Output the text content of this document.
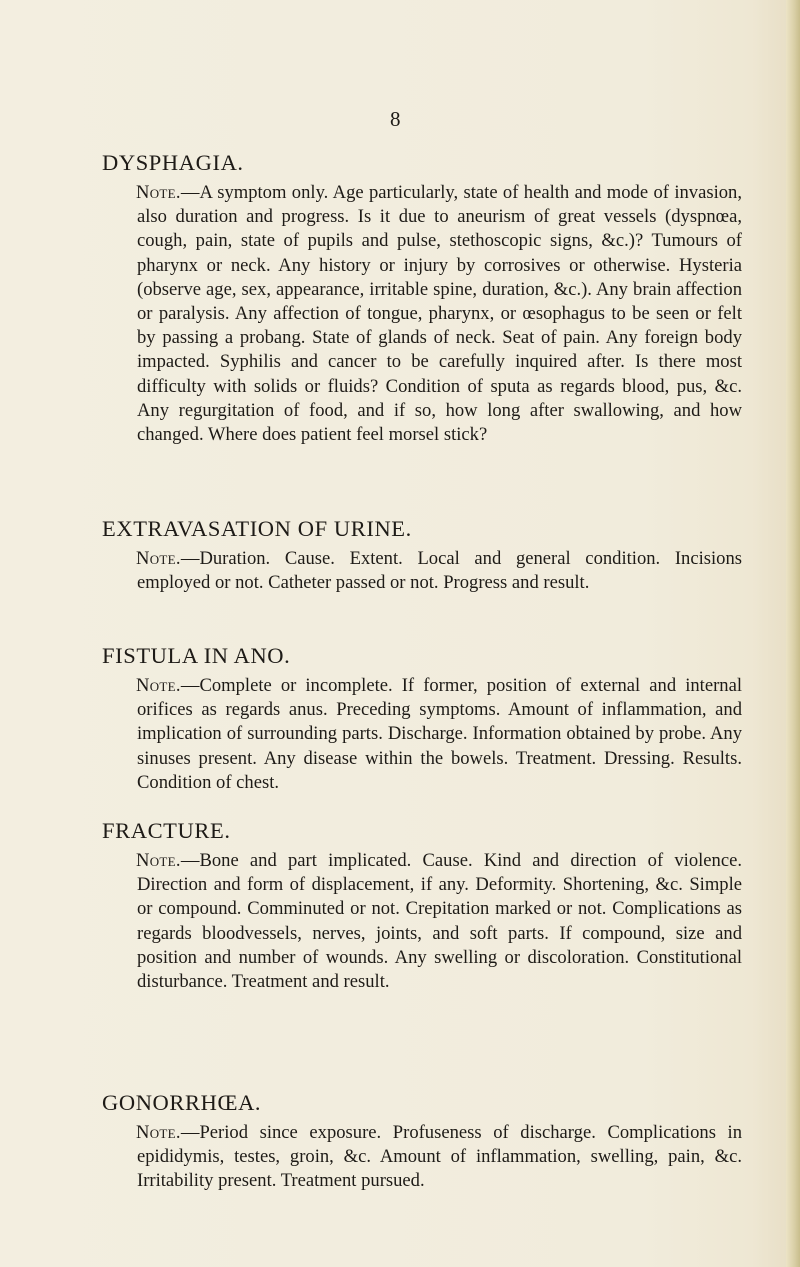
8
DYSPHAGIA.

Note.—A symptom only. Age particularly, state of health and mode of invasion, also duration and progress. Is it due to aneurism of great vessels (dyspnœa, cough, pain, state of pupils and pulse, stethoscopic signs, &c.)? Tumours of pharynx or neck. Any history or injury by corrosives or otherwise. Hysteria (observe age, sex, appearance, irritable spine, duration, &c.). Any brain affection or paralysis. Any affection of tongue, pharynx, or œsophagus to be seen or felt by passing a probang. State of glands of neck. Seat of pain. Any foreign body impacted. Syphilis and cancer to be carefully inquired after. Is there most difficulty with solids or fluids? Condition of sputa as regards blood, pus, &c. Any regurgitation of food, and if so, how long after swallowing, and how changed. Where does patient feel morsel stick?

EXTRAVASATION OF URINE.

Note.—Duration. Cause. Extent. Local and general condition. Incisions employed or not. Catheter passed or not. Progress and result.

FISTULA IN ANO.

Note.—Complete or incomplete. If former, position of external and internal orifices as regards anus. Preceding symptoms. Amount of inflammation, and implication of surrounding parts. Discharge. Information obtained by probe. Any sinuses present. Any disease within the bowels. Treatment. Dressing. Results. Condition of chest.

FRACTURE.

Note.—Bone and part implicated. Cause. Kind and direction of violence. Direction and form of displacement, if any. Deformity. Shortening, &c. Simple or compound. Comminuted or not. Crepitation marked or not. Complications as regards bloodvessels, nerves, joints, and soft parts. If compound, size and position and number of wounds. Any swelling or discoloration. Constitutional disturbance. Treatment and result.

GONORRHŒA.

Note.—Period since exposure. Profuseness of discharge. Complications in epididymis, testes, groin, &c. Amount of inflammation, swelling, pain, &c. Irritability present. Treatment pursued.
